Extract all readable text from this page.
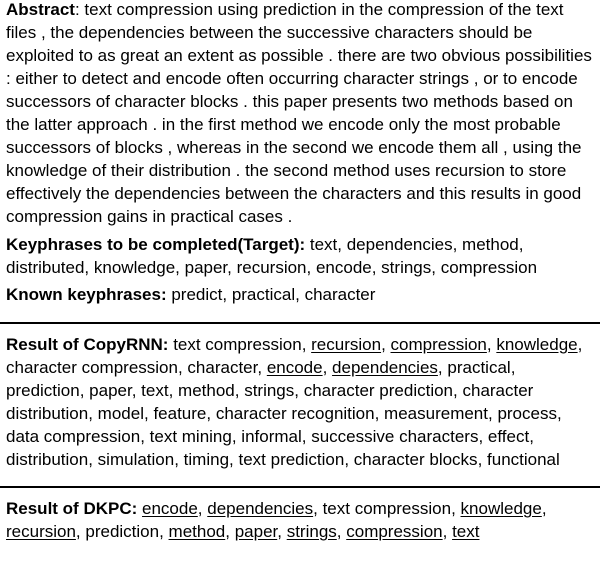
Abstract: text compression using prediction in the compression of the text files , the dependencies between the successive characters should be exploited to as great an extent as possible . there are two obvious possibilities : either to detect and encode often occurring character strings , or to encode successors of character blocks . this paper presents two methods based on the latter approach . in the first method we encode only the most probable successors of blocks , whereas in the second we encode them all , using the knowledge of their distribution . the second method uses recursion to store effectively the dependencies between the characters and this results in good compression gains in practical cases .

Keyphrases to be completed(Target): text, dependencies, method, distributed, knowledge, paper, recursion, encode, strings, compression

Known keyphrases: predict, practical, character

Result of CopyRNN: text compression, recursion, compression, knowledge, character compression, character, encode, dependencies, practical, prediction, paper, text, method, strings, character prediction, character distribution, model, feature, character recognition, measurement, process, data compression, text mining, informal, successive characters, effect, distribution, simulation, timing, text prediction, character blocks, functional

Result of DKPC: encode, dependencies, text compression, knowledge, recursion, prediction, method, paper, strings, compression, text
